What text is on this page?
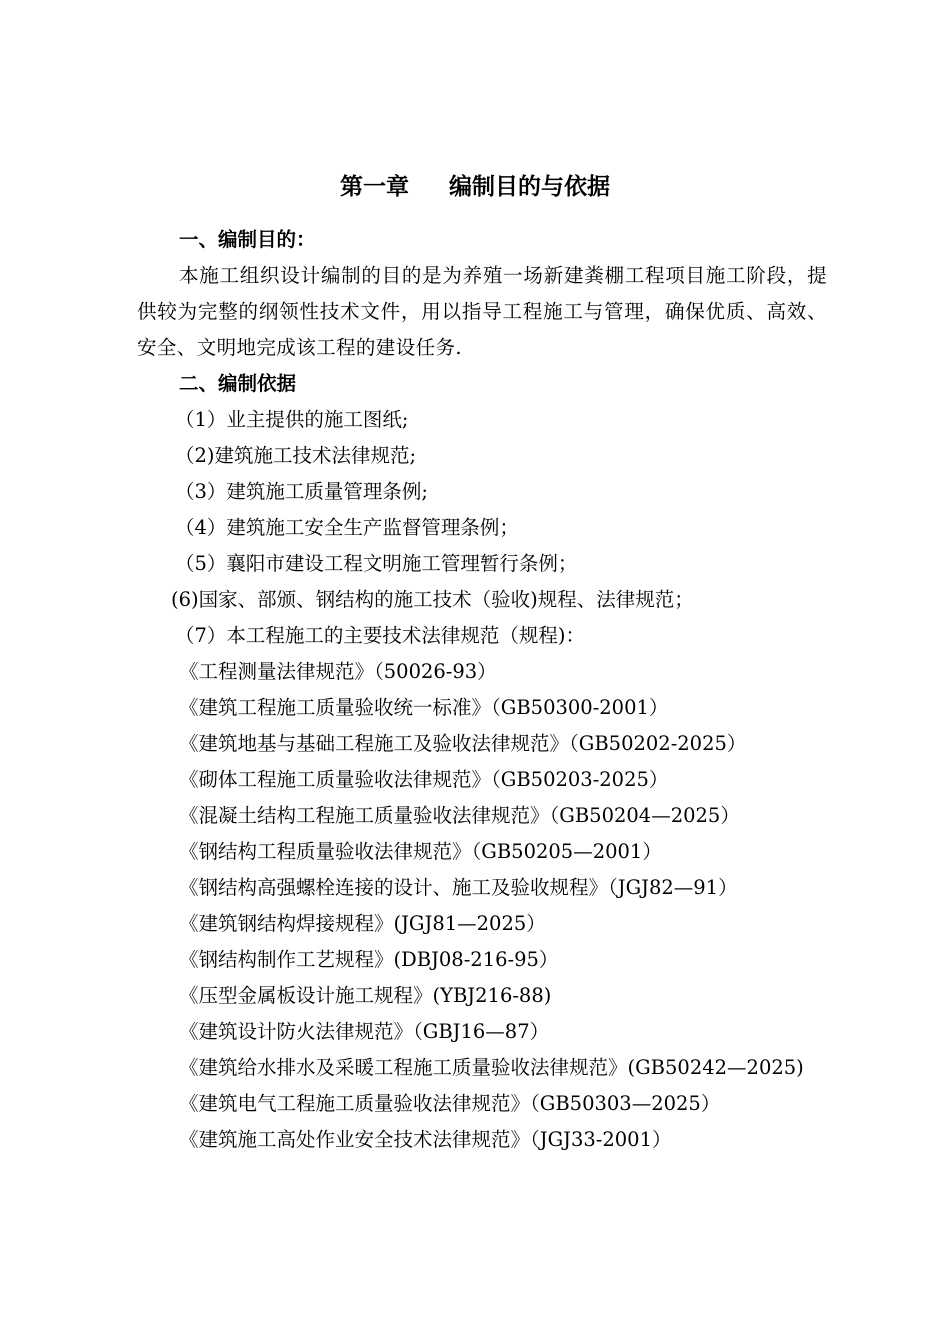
第一章 编制目的与依据
一、编制目的：
本施工组织设计编制的目的是为养殖一场新建粪棚工程项目施工阶段，提供较为完整的纲领性技术文件，用以指导工程施工与管理，确保优质、高效、安全、文明地完成该工程的建设任务.
二、编制依据
（1）业主提供的施工图纸;
（2)建筑施工技术法律规范;
（3）建筑施工质量管理条例;
（4）建筑施工安全生产监督管理条例；
（5）襄阳市建设工程文明施工管理暂行条例；
(6)国家、部颁、钢结构的施工技术（验收)规程、法律规范；
（7）本工程施工的主要技术法律规范（规程)：
《工程测量法律规范》（50026-93）
《建筑工程施工质量验收统一标准》（GB50300-2001）
《建筑地基与基础工程施工及验收法律规范》（GB50202-2025）
《砌体工程施工质量验收法律规范》（GB50203-2025）
《混凝土结构工程施工质量验收法律规范》（GB50204—2025）
《钢结构工程质量验收法律规范》（GB50205—2001）
《钢结构高强螺栓连接的设计、施工及验收规程》（JGJ82—91）
《建筑钢结构焊接规程》(JGJ81—2025）
《钢结构制作工艺规程》(DBJ08-216-95）
《压型金属板设计施工规程》(YBJ216-88)
《建筑设计防火法律规范》（GBJ16—87）
《建筑给水排水及采暖工程施工质量验收法律规范》(GB50242—2025)
《建筑电气工程施工质量验收法律规范》（GB50303—2025）
《建筑施工高处作业安全技术法律规范》（JGJ33-2001）
